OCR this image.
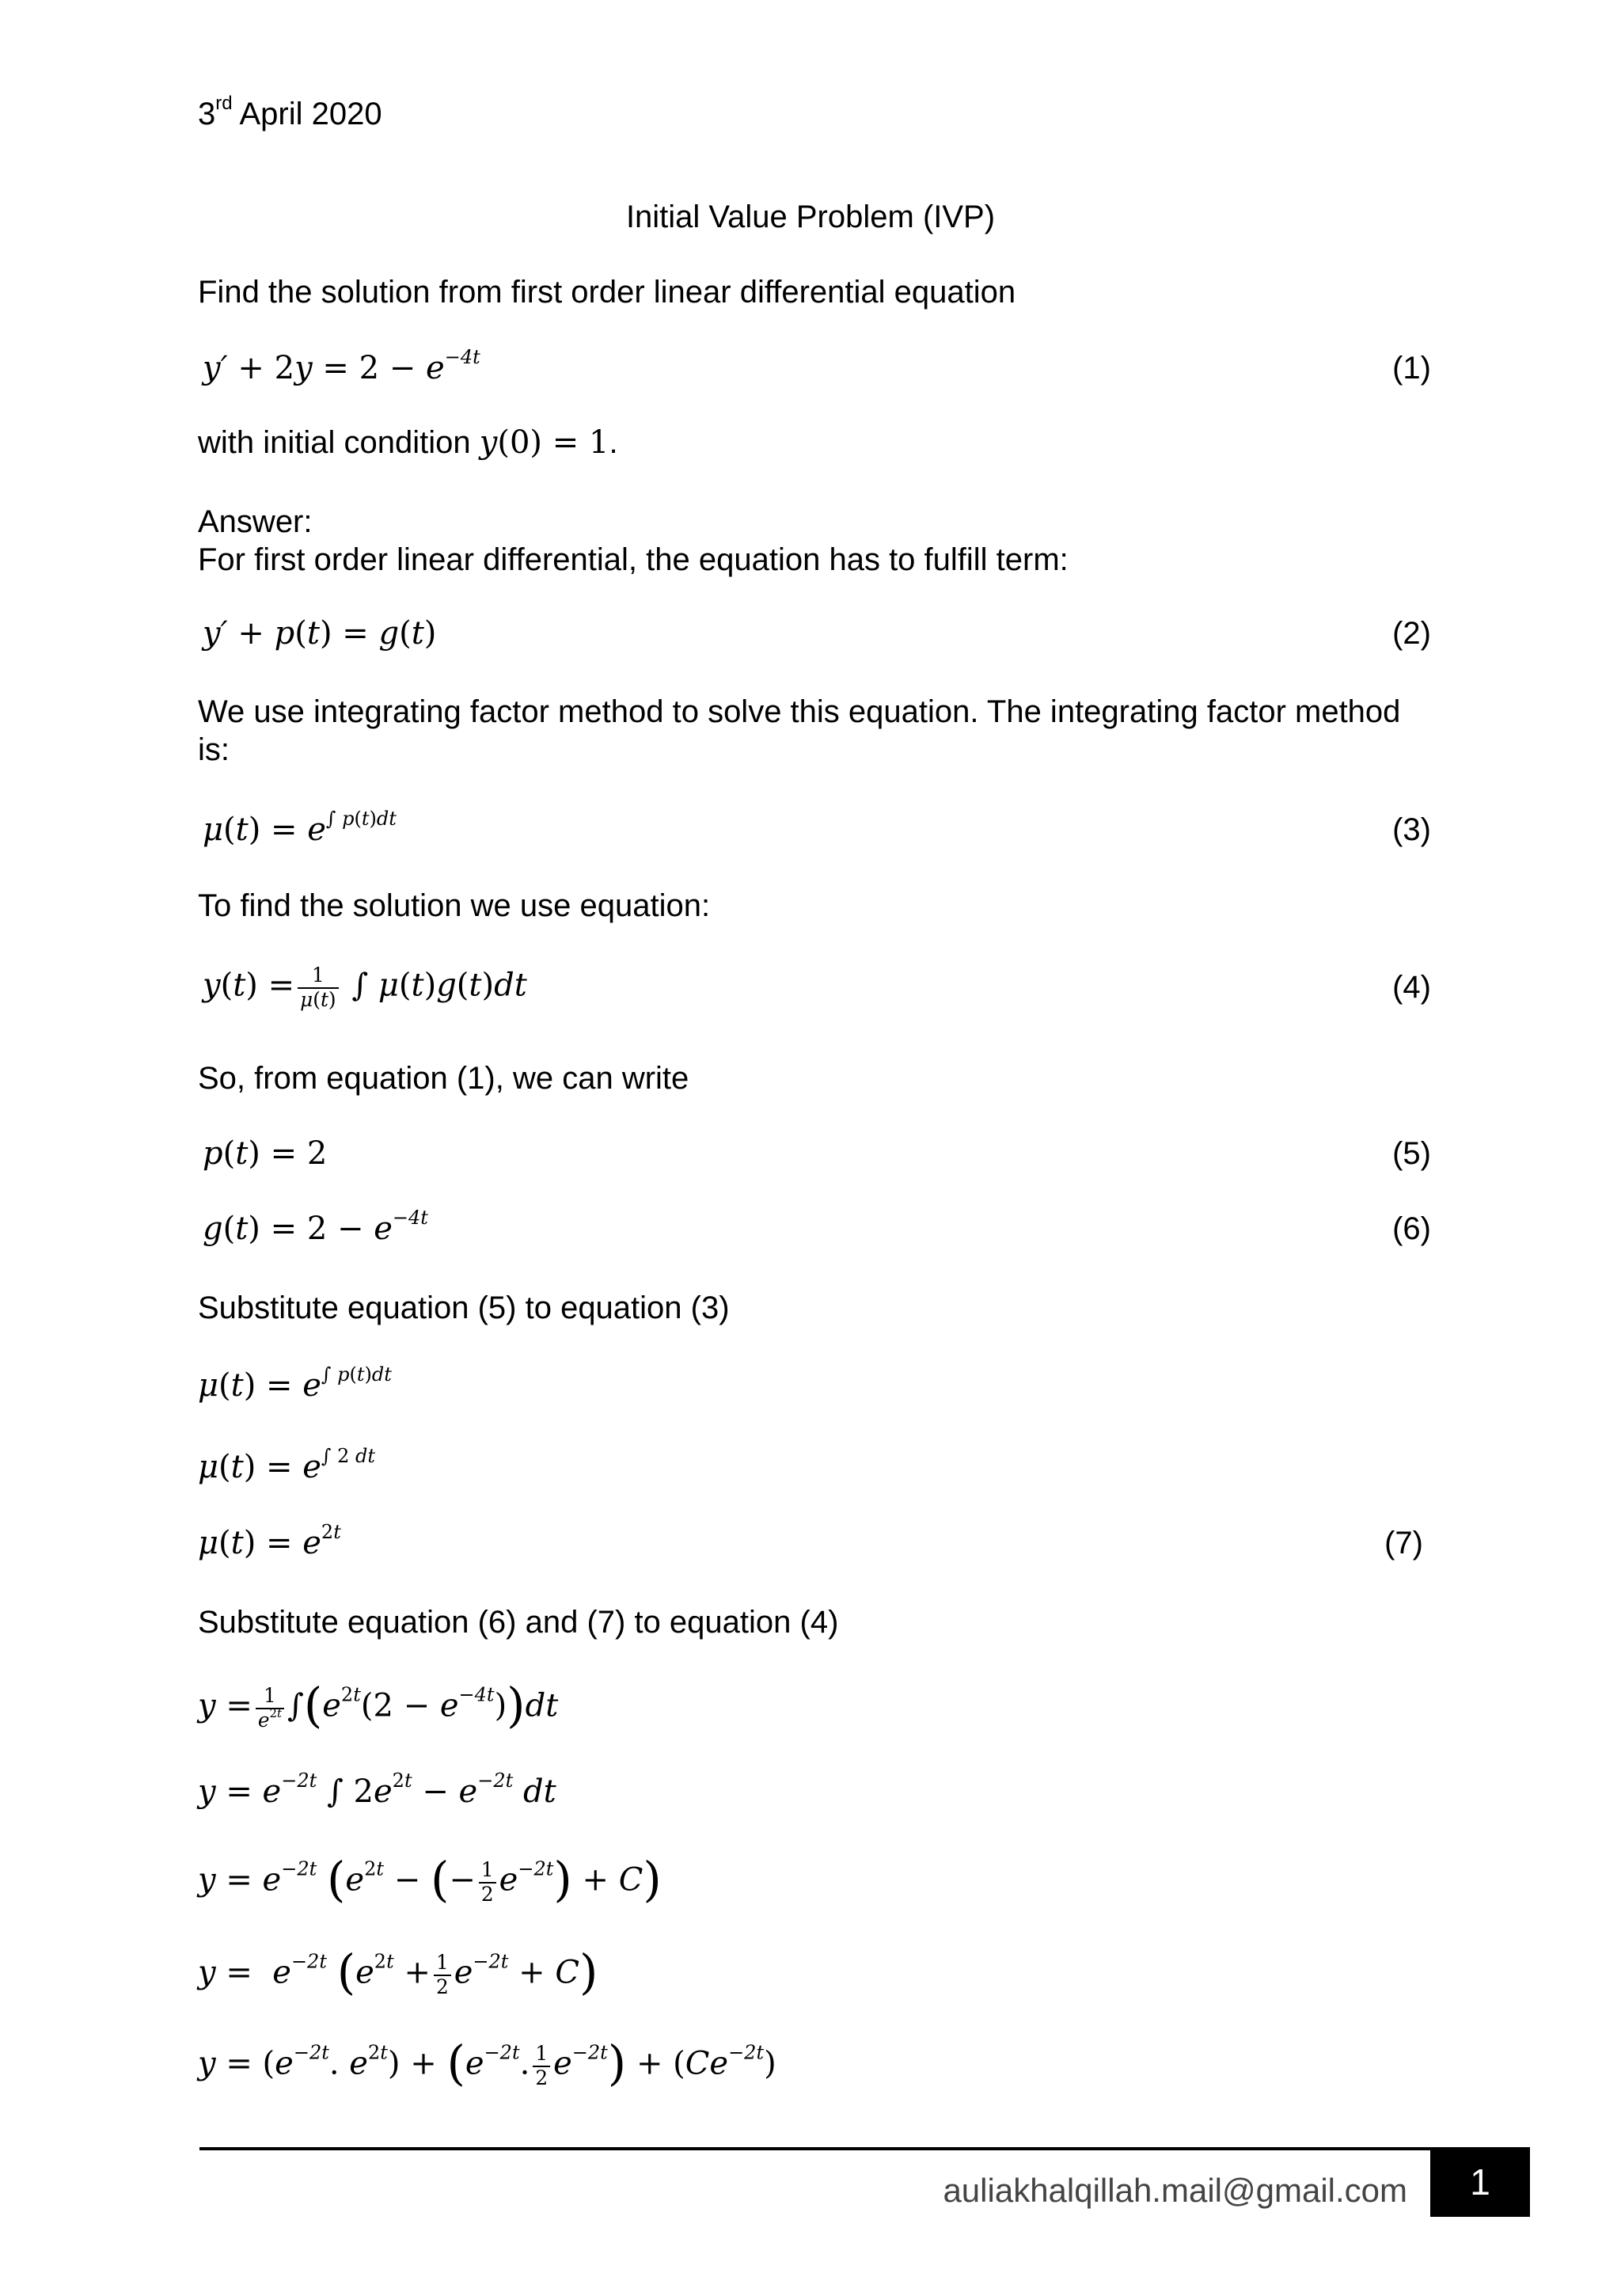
3rd April 2020
Initial Value Problem (IVP)
Find the solution from first order linear differential equation
$y' + 2y = 2 - e^{-4t}$	(1)
with initial condition y(0) = 1.
Answer:
For first order linear differential, the equation has to fulfill term:
y′ + p(t) = g(t)	(2)
We use integrating factor method to solve this equation. The integrating factor method is:
$\mu(t) = e^{\int p(t)dt}$	(3)
To find the solution we use equation:
$y(t) = \frac{1}{\mu(t)}$ ∫ μ(t)g(t)dt	(4)
So, from equation (1), we can write
p(t) = 2	(5)
$g(t) = 2 - e^{-4t}$	(6)
Substitute equation (5) to equation (3)
$\mu(t) = e^{\int p(t)dt}$
$\mu(t) = e^{\int 2 dt}$
$\mu(t) = e^{2t}$	(7)
Substitute equation (6) and (7) to equation (4)
$y = \frac{1}{e^{2t}} \int(e^{2t}(2 - e^{-4t}))dt$
$y = e^{-2t}$ ∫ $2e^{2t} - e^{-2t}$ dt
$y = e^{-2t}$ ($e^{2t}$ − (− $\frac{1}{2} e^{-2t}) + C$)
$y = e^{-2t}$ $(e^{2t} + \frac{1}{2} e^{-2t} + C)$
$y = (e^{-2t}$. $e^{2t}) + (e^{-2t}$. $\frac{1}{2} e^{-2t}) + (Ce^{-2t})$
auliakhalqillah.mail@gmail.com	1
